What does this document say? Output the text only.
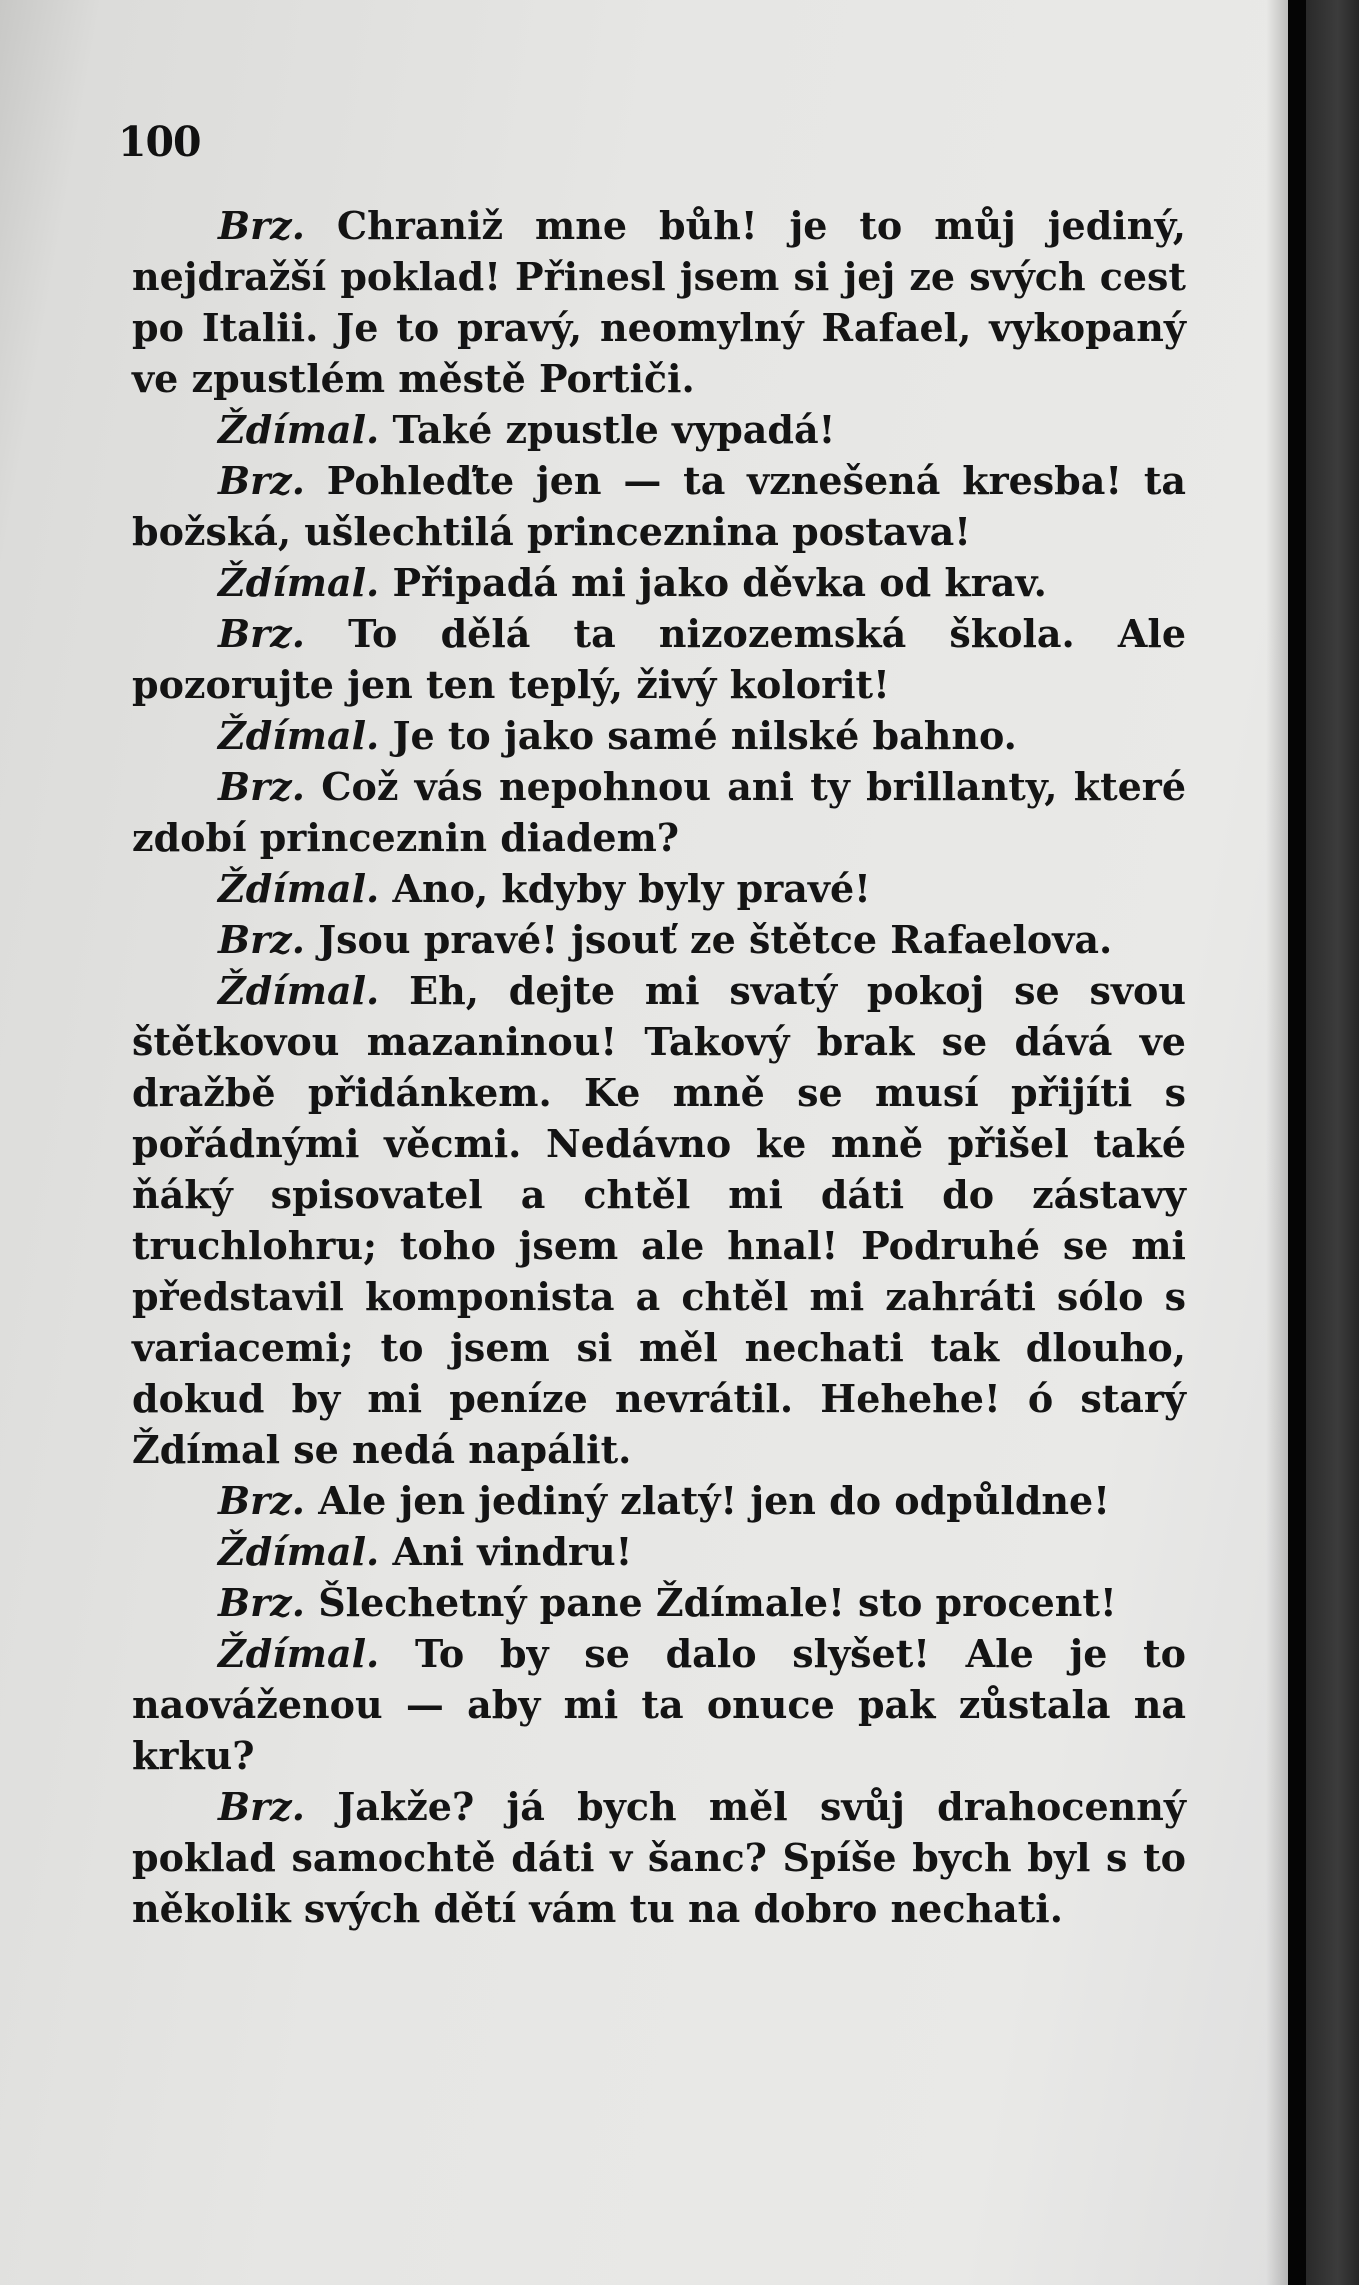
100

Brz. Chraniž mne bůh! je to můj jediný, nejdražší poklad! Přinesl jsem si jej ze svých cest po Italii. Je to pravý, neomylný Rafael, vykopaný ve zpustlém městě Portiči.

Ždímal. Také zpustle vypadá!

Brz. Pohleďte jen — ta vznešená kresba! ta božská, ušlechtilá princeznina postava!

Ždímal. Připadá mi jako děvka od krav.

Brz. To dělá ta nizozemská škola. Ale pozorujte jen ten teplý, živý kolorit!

Ždímal. Je to jako samé nilské bahno.

Brz. Což vás nepohnou ani ty brillanty, které zdobí princeznin diadem?

Ždímal. Ano, kdyby byly pravé!

Brz. Jsou pravé! jsouť ze štětce Rafaelova.

Ždímal. Eh, dejte mi svatý pokoj se svou štětkovou mazaninou! Takový brak se dává ve dražbě přidánkem. Ke mně se musí přijíti s pořádnými věcmi. Nedávno ke mně přišel také ňáký spisovatel a chtěl mi dáti do zástavy truchlohru; toho jsem ale hnal! Podruhé se mi představil komponista a chtěl mi zahráti sólo s variacemi; to jsem si měl nechati tak dlouho, dokud by mi peníze nevrátil. Hehehe! ó starý Ždímal se nedá napálit.

Brz. Ale jen jediný zlatý! jen do odpůldne!

Ždímal. Ani vindru!

Brz. Šlechetný pane Ždímale! sto procent!

Ždímal. To by se dalo slyšet! Ale je to naováženou — aby mi ta onuce pak zůstala na krku?

Brz. Jakže? já bych měl svůj drahocenný poklad samochtě dáti v šanc? Spíše bych byl s to několik svých dětí vám tu na dobro nechati.
